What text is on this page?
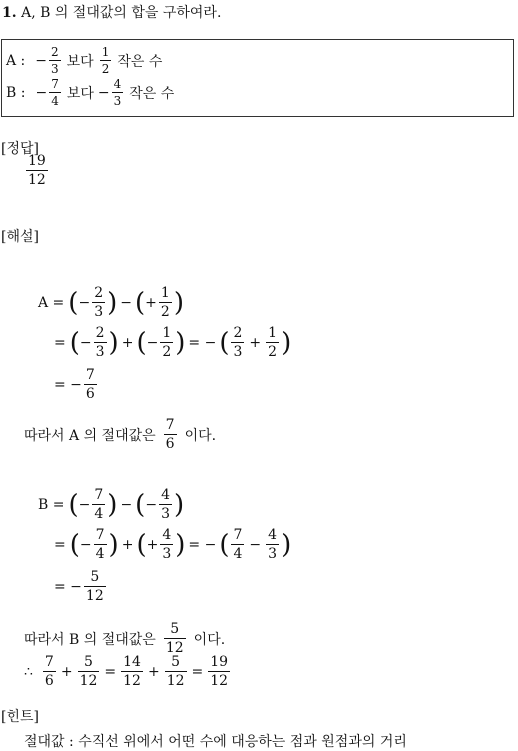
1. A, B 의 절대값의 합을 구하여라.
A : − $\frac{2}{3}$ 보다 $\frac{1}{2}$ 작은 수
B : − $\frac{7}{4}$ 보다 − $\frac{4}{3}$ 작은 수
[정답]
$\frac{19}{12}$
[해설]
A = ( − $\frac{2}{3}$ ) − ( + $\frac{1}{2}$ )
= ( − $\frac{2}{3}$ ) + ( − $\frac{1}{2}$ ) = − ( $\frac{2}{3} + \frac{1}{2}$ )
= − $\frac{7}{6}$
따라서 A 의 절대값은 $\frac{7}{6}$ 이다.
B = ( − $\frac{7}{4}$ ) − ( − $\frac{4}{3}$ )
= ( − $\frac{7}{4}$ ) + ( + $\frac{4}{3}$ ) = − ( $\frac{7}{4} - \frac{4}{3}$ )
= − $\frac{5}{12}$
따라서 B 의 절대값은 $\frac{5}{12}$ 이다.
∴ $\frac{7}{6} + \frac{5}{12} = \frac{14}{12} + \frac{5}{12} = \frac{19}{12}$
[힌트]
절대값 : 수직선 위에서 어떤 수에 대응하는 점과 원점과의 거리
